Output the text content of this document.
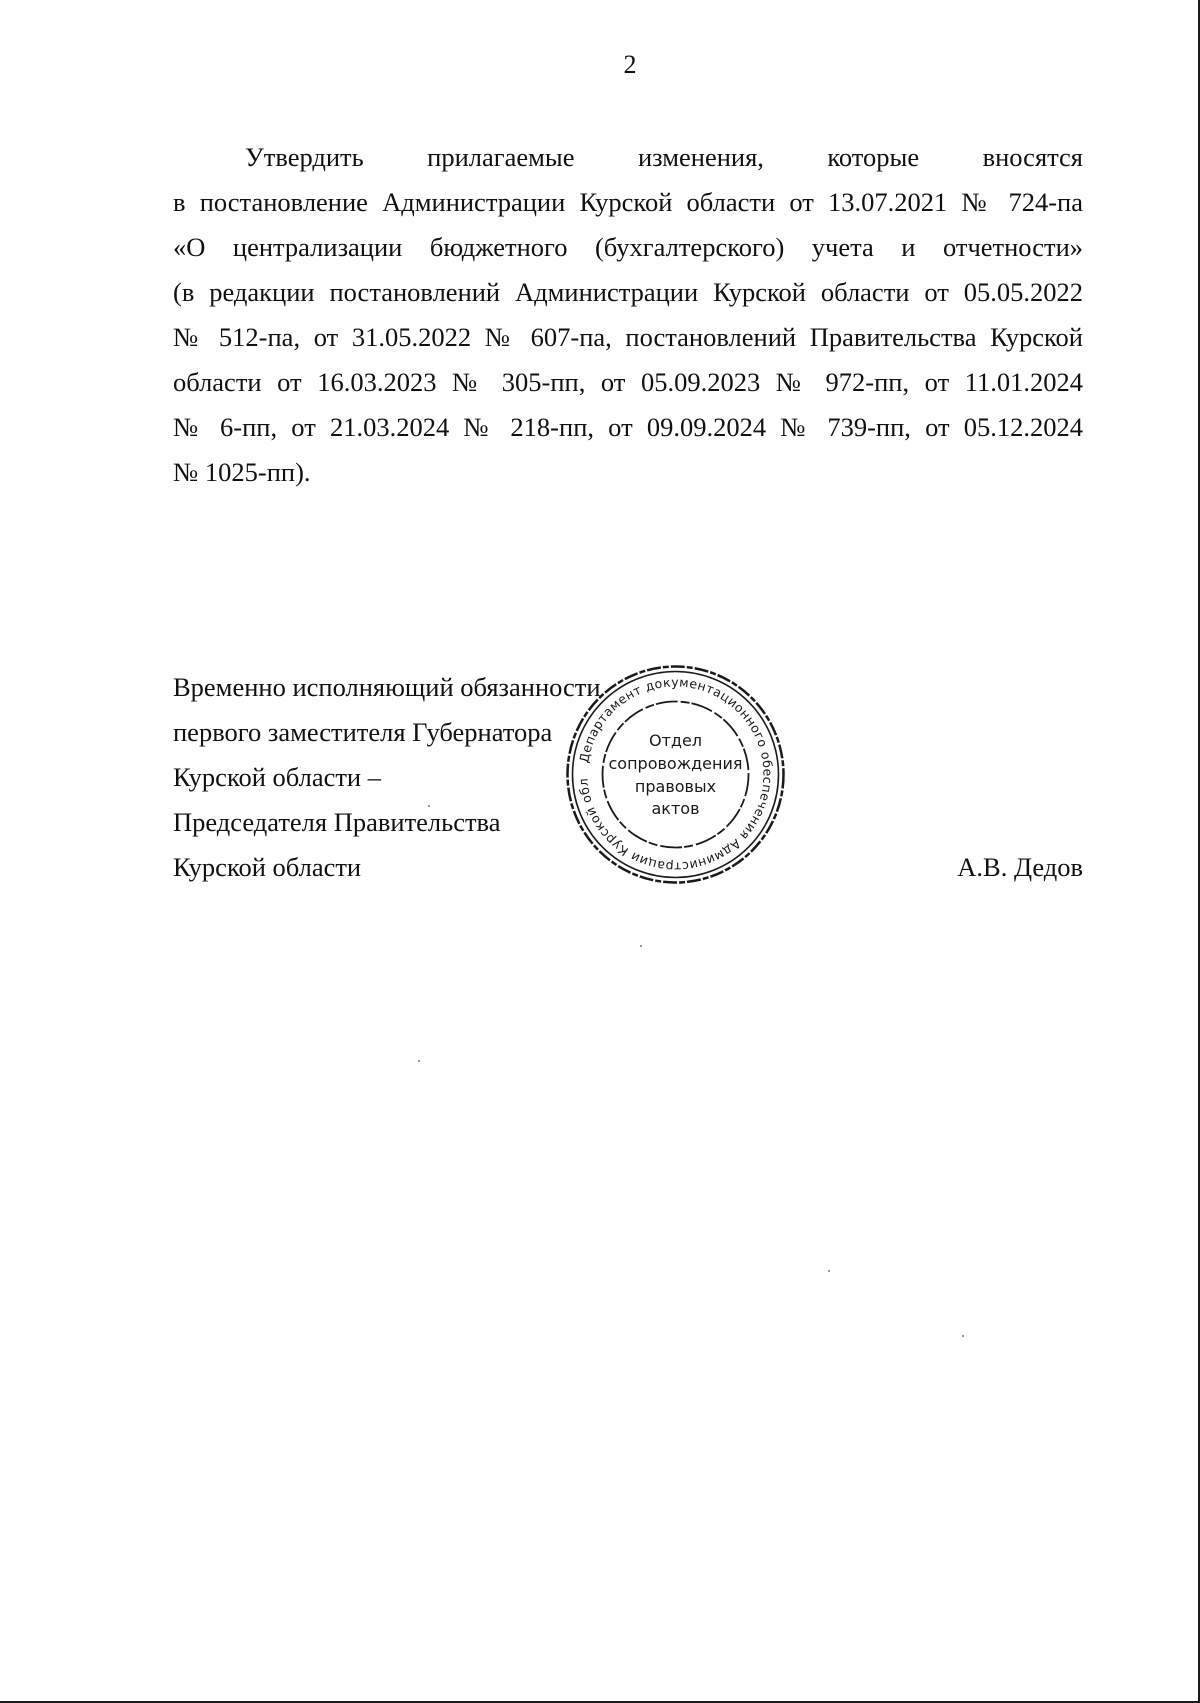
2
Утвердить прилагаемые изменения, которые вносятся
в постановление Администрации Курской области от 13.07.2021 № 724-па
«О централизации бюджетного (бухгалтерского) учета и отчетности»
(в редакции постановлений Администрации Курской области от 05.05.2022
№ 512-па, от 31.05.2022 № 607-па, постановлений Правительства Курской
области от 16.03.2023 № 305-пп, от 05.09.2023 № 972-пп, от 11.01.2024
№ 6-пп, от 21.03.2024 № 218-пп, от 09.09.2024 № 739-пп, от 05.12.2024
№ 1025-пп).
Временно исполняющий обязанности
первого заместителя Губернатора
Курской области –
Председателя Правительства
Курской области	А.В. Дедов
Департамент документационного обеспечения Администрации Курской обл
Отдел
сопровождения
правовых
актов
